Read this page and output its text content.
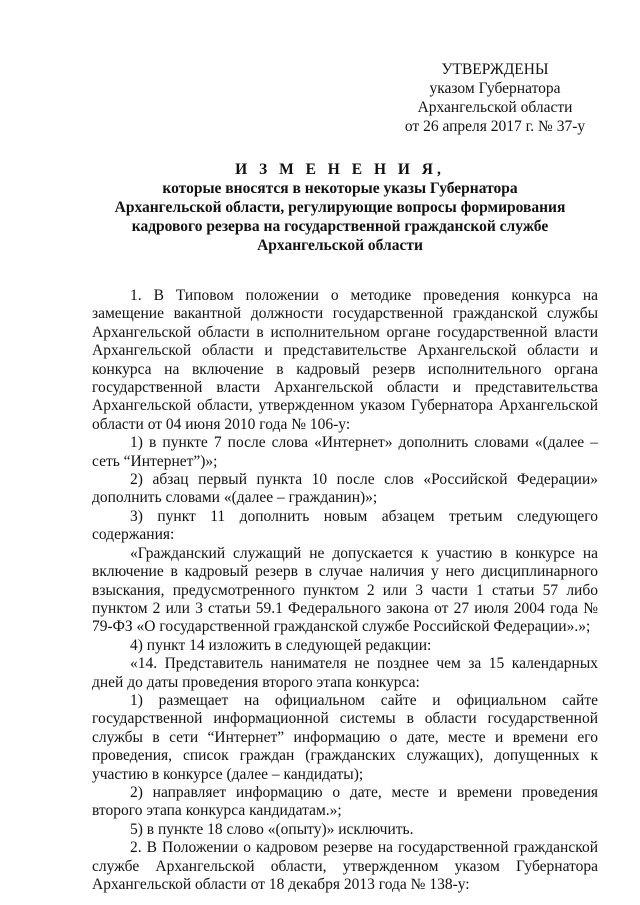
УТВЕРЖДЕНЫ
указом Губернатора
Архангельской области
от 26 апреля 2017 г. № 37-у
И З М Е Н Е Н И Я,
которые вносятся в некоторые указы Губернатора
Архангельской области, регулирующие вопросы формирования
кадрового резерва на государственной гражданской службе
Архангельской области

1. В Типовом положении о методике проведения конкурса на замещение вакантной должности государственной гражданской службы Архангельской области в исполнительном органе государственной власти Архангельской области и представительстве Архангельской области и конкурса на включение в кадровый резерв исполнительного органа государственной власти Архангельской области и представительства Архангельской области, утвержденном указом Губернатора Архангельской области от 04 июня 2010 года № 106-у:

1) в пункте 7 после слова «Интернет» дополнить словами «(далее – сеть “Интернет”)»;

2) абзац первый пункта 10 после слов «Российской Федерации» дополнить словами «(далее – гражданин)»;

3) пункт 11 дополнить новым абзацем третьим следующего содержания:

«Гражданский служащий не допускается к участию в конкурсе на включение в кадровый резерв в случае наличия у него дисциплинарного взыскания, предусмотренного пунктом 2 или 3 части 1 статьи 57 либо пунктом 2 или 3 статьи 59.1 Федерального закона от 27 июля 2004 года № 79-ФЗ «О государственной гражданской службе Российской Федерации».»;

4) пункт 14 изложить в следующей редакции:

«14. Представитель нанимателя не позднее чем за 15 календарных дней до даты проведения второго этапа конкурса:

1) размещает на официальном сайте и официальном сайте государственной информационной системы в области государственной службы в сети “Интернет” информацию о дате, месте и времени его проведения, список граждан (гражданских служащих), допущенных к участию в конкурсе (далее – кандидаты);

2) направляет информацию о дате, месте и времени проведения второго этапа конкурса кандидатам.»;

5) в пункте 18 слово «(опыту)» исключить.

2. В Положении о кадровом резерве на государственной гражданской службе Архангельской области, утвержденном указом Губернатора Архангельской области от 18 декабря 2013 года № 138-у:
